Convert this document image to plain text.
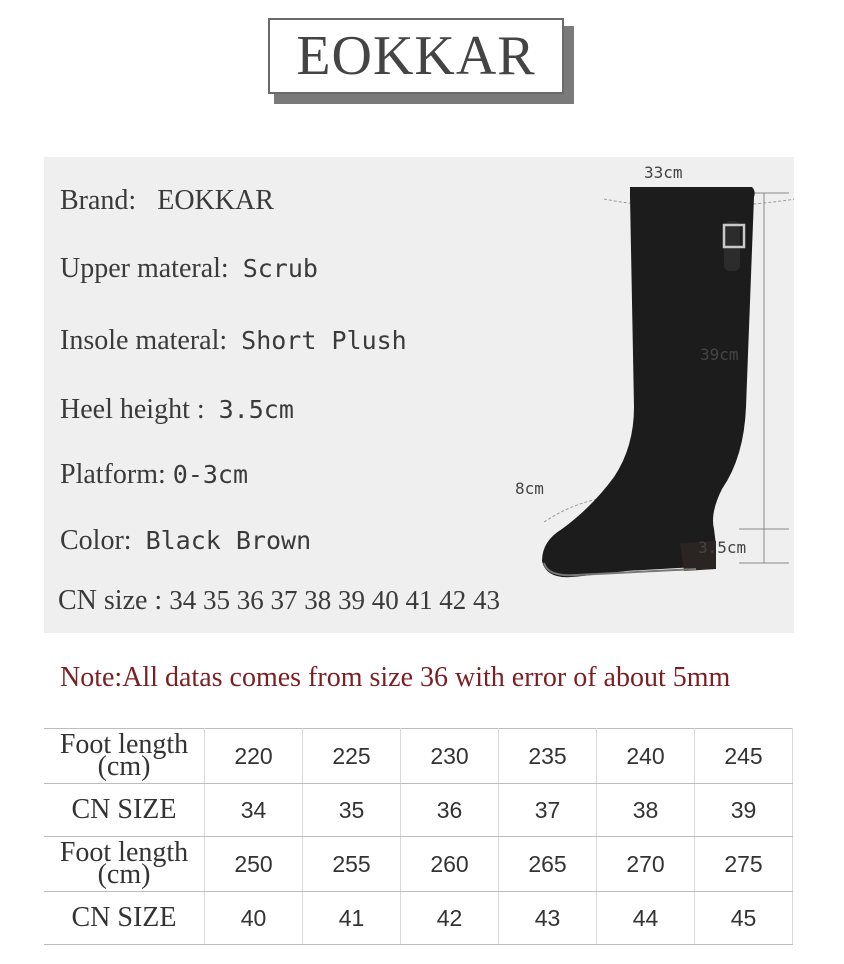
EOKKAR
Brand: EOKKAR
Upper materal: Scrub
Insole materal: Short Plush
Heel height : 3.5cm
Platform: 0-3cm
Color: Black Brown
CN size : 34 35 36 37 38 39 40 41 42 43
33cm
39cm
8cm
3.5cm
Note:All datas comes from size 36 with error of about 5mm
Foot length
(cm)	220	225	230	235	240	245
CN SIZE	34	35	36	37	38	39
Foot length
(cm)	250	255	260	265	270	275
CN SIZE	40	41	42	43	44	45
